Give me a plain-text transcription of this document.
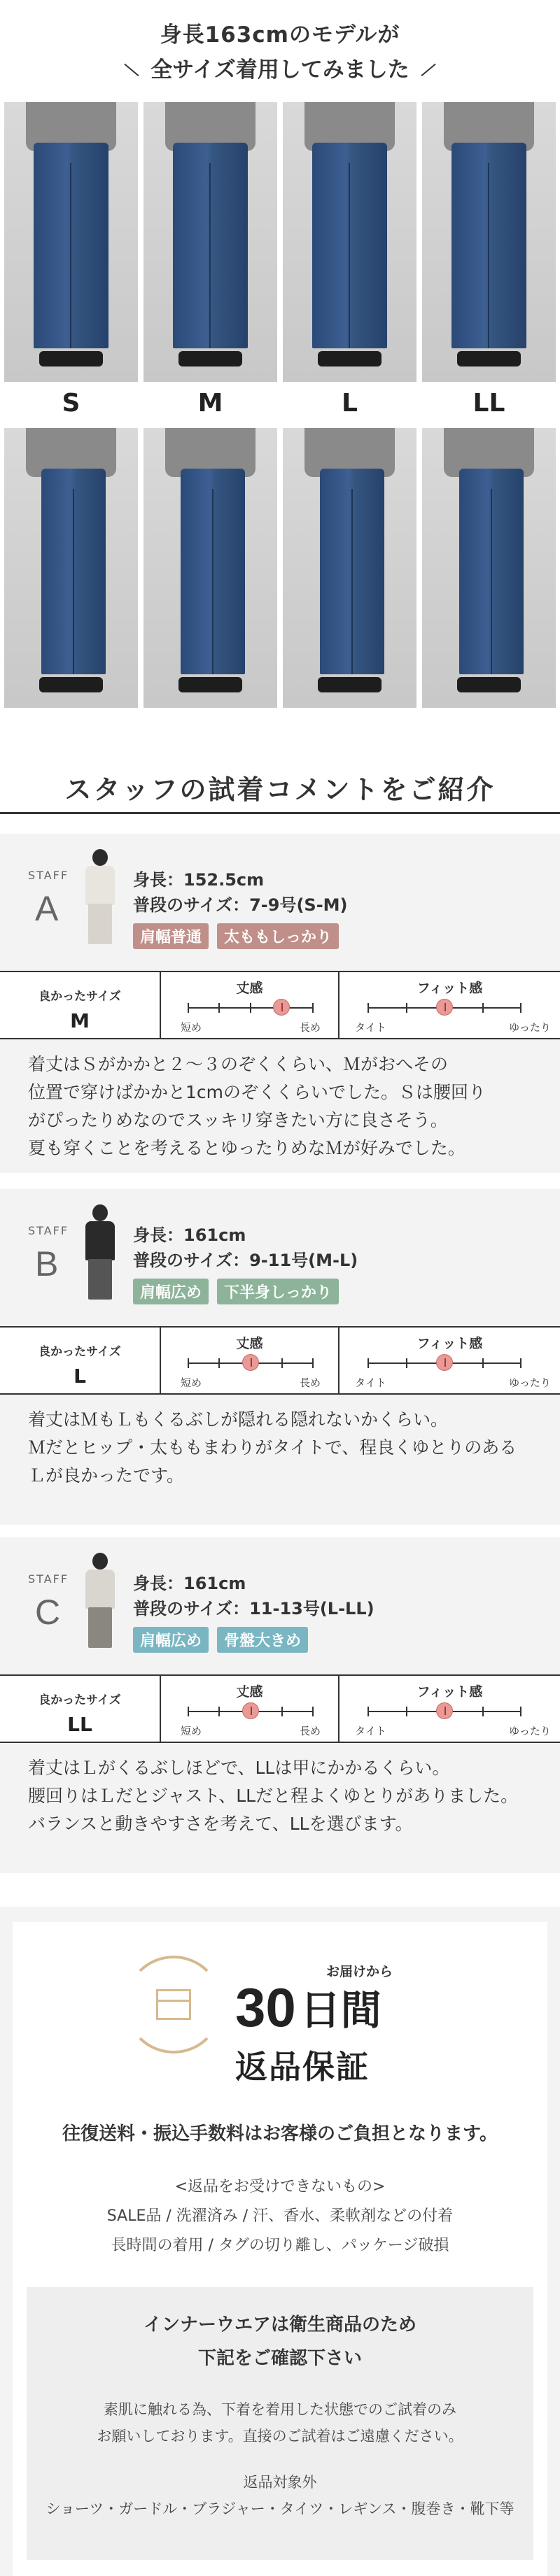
身長163cmのモデルが
全サイズ着用してみました
S	M	L	LL
スタッフの試着コメントをご紹介
STAFF
A

身長：152.5cm

普段のサイズ：7-9号(S-M)

肩幅普通	太ももしっかり
良かったサイズ
M
丈感
短め	長め
フィット感
タイト	ゆったり
着丈はＳがかかと２～３のぞくくらい、Ｍがおへその
位置で穿けばかかと1cmのぞくくらいでした。Ｓは腰回り
がぴったりめなのでスッキリ穿きたい方に良さそう。
夏も穿くことを考えるとゆったりめなＭが好みでした。
STAFF
B

身長：161cm

普段のサイズ：9-11号(M-L)

肩幅広め	下半身しっかり
良かったサイズ
L
丈感
短め	長め
フィット感
タイト	ゆったり
着丈はＭもＬもくるぶしが隠れる隠れないかくらい。
Ｍだとヒップ・太ももまわりがタイトで、程良くゆとりのある
Ｌが良かったです。
STAFF
C

身長：161cm

普段のサイズ：11-13号(L-LL)

肩幅広め	骨盤大きめ
良かったサイズ
LL
丈感
短め	長め
フィット感
タイト	ゆったり
着丈はＬがくるぶしほどで、LLは甲にかかるくらい。
腰回りはＬだとジャスト、LLだと程よくゆとりがありました。
バランスと動きやすさを考えて、LLを選びます。
お届けから
30 日間
返品保証
往復送料・振込手数料はお客様のご負担となります。
<返品をお受けできないもの>
SALE品 / 洗濯済み / 汗、香水、柔軟剤などの付着
長時間の着用 / タグの切り離し、パッケージ破損
インナーウエアは衛生商品のため
下記をご確認下さい
素肌に触れる為、下着を着用した状態でのご試着のみ
お願いしております。直接のご試着はご遠慮ください。
返品対象外
ショーツ・ガードル・ブラジャー・タイツ・レギンス・腹巻き・靴下等
